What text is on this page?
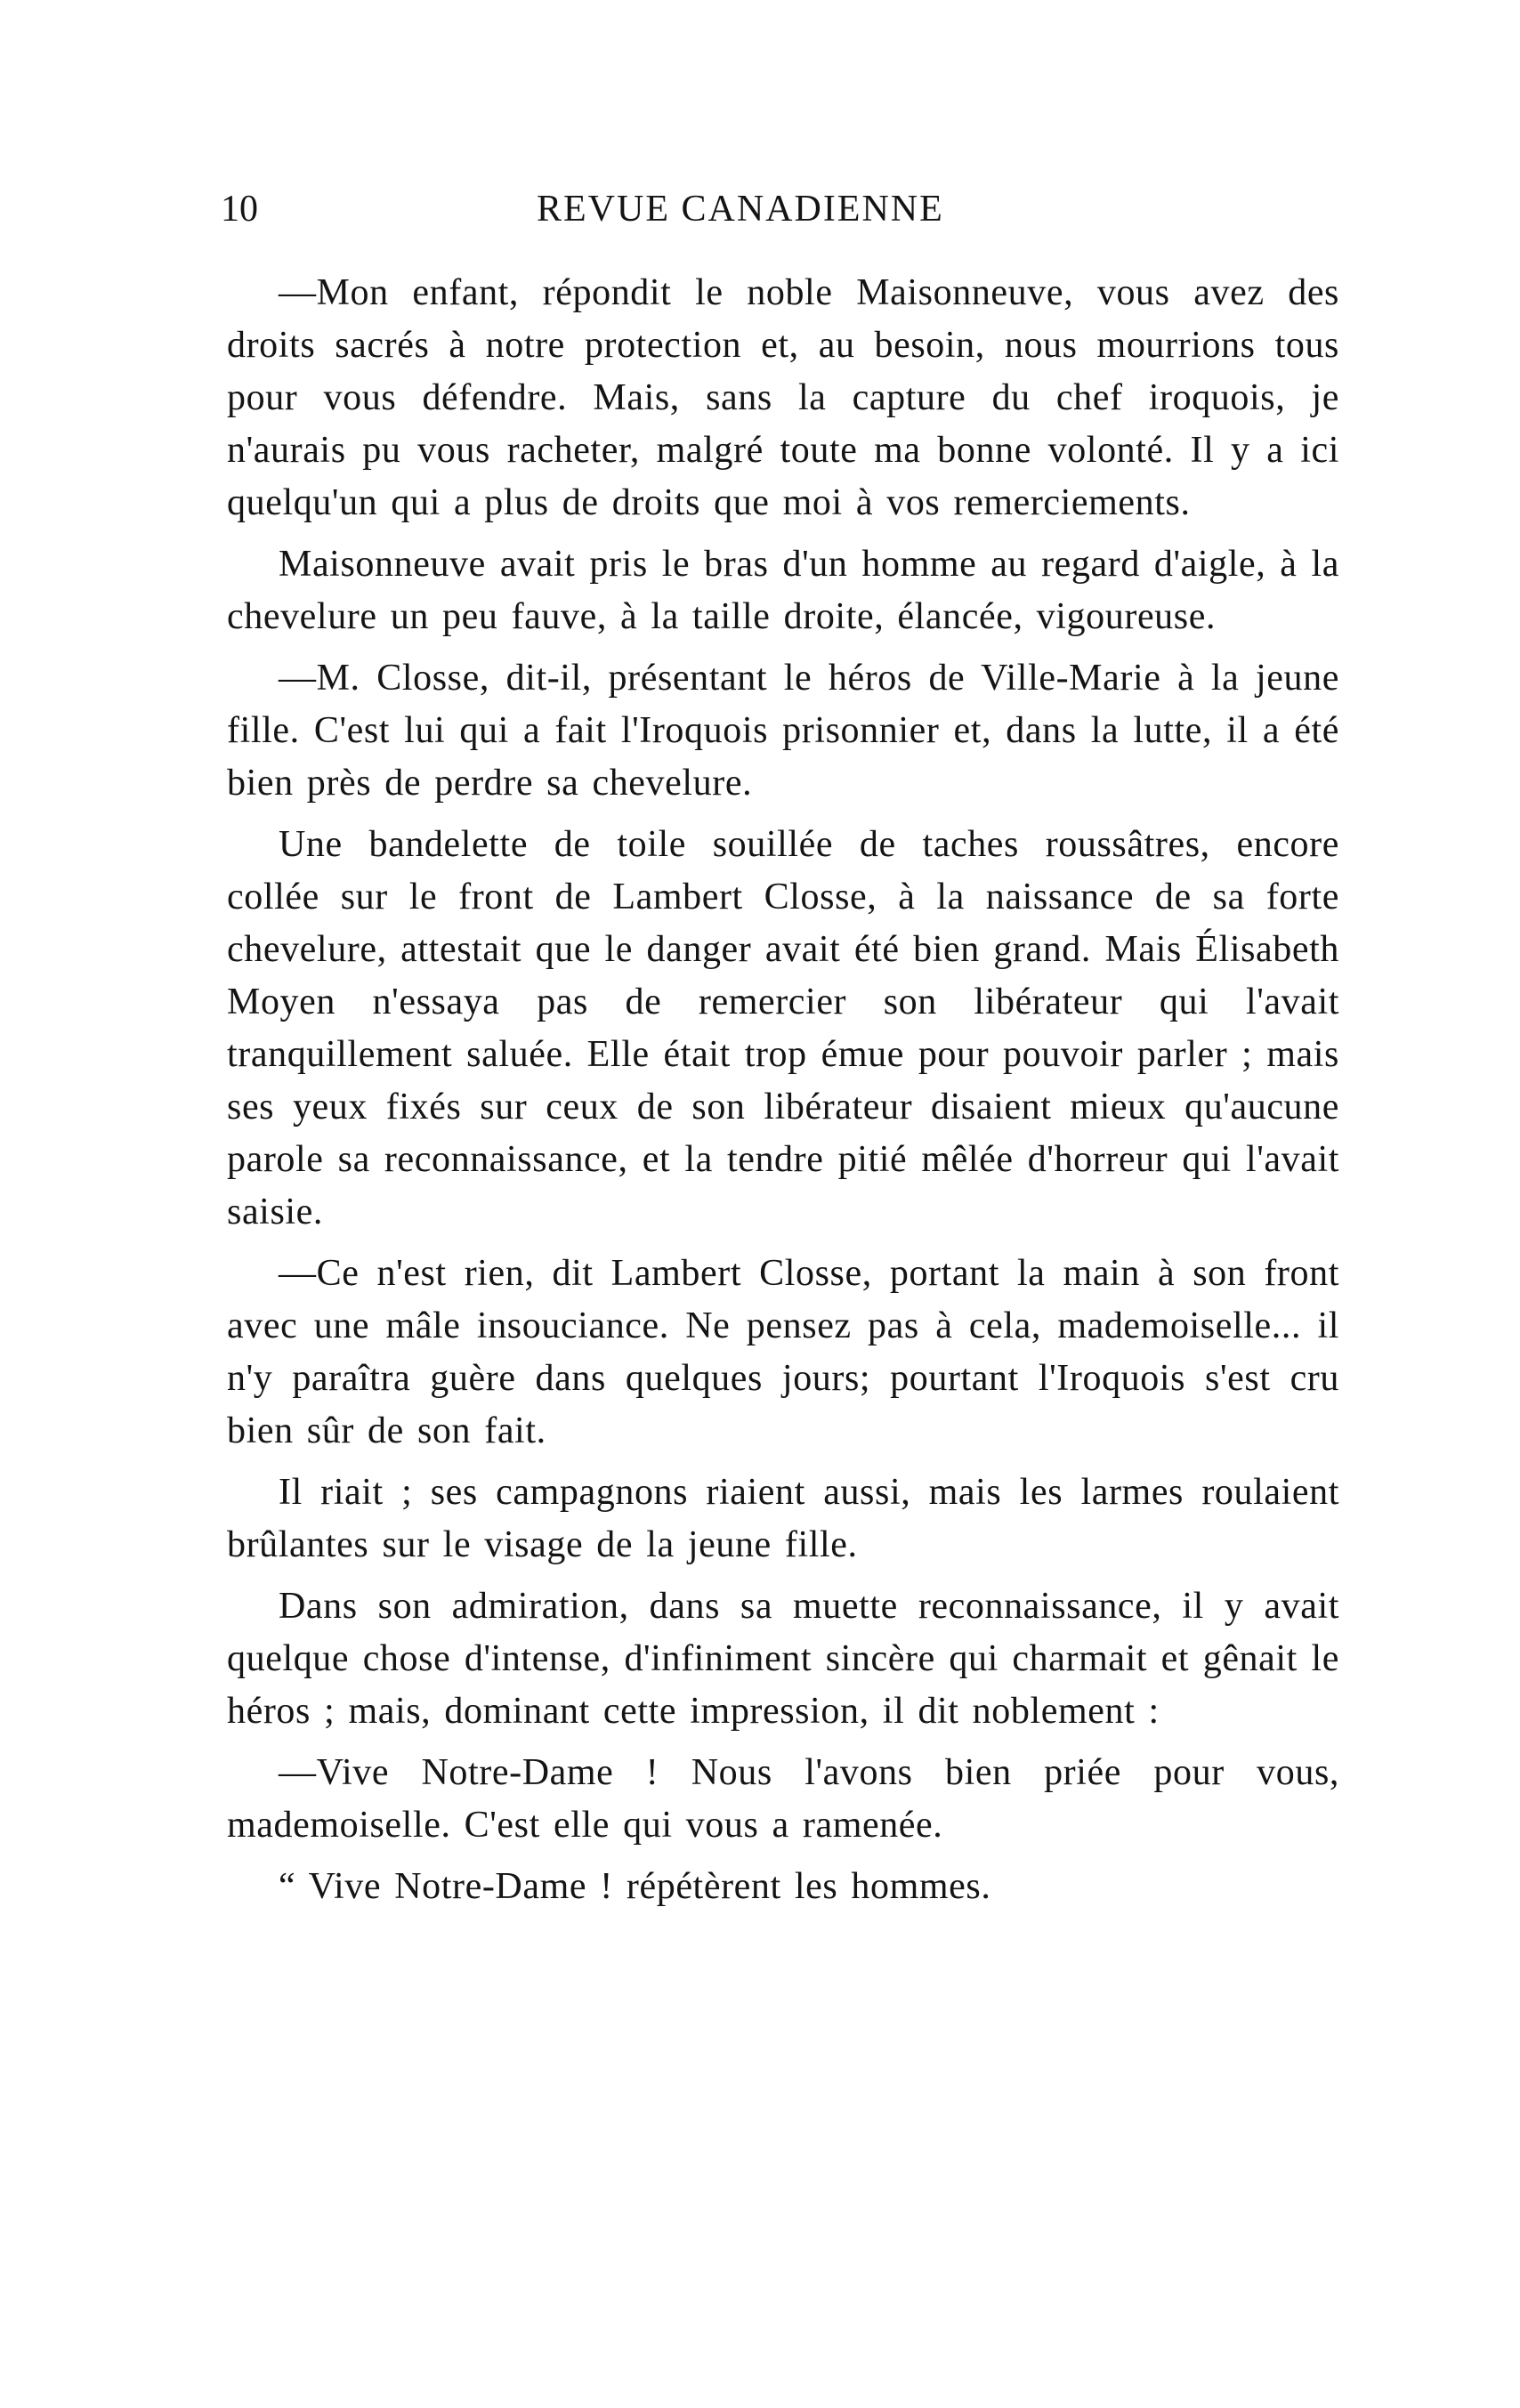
10	REVUE CANADIENNE

—Mon enfant, répondit le noble Maisonneuve, vous avez des droits sacrés à notre protection et, au besoin, nous mourrions tous pour vous défendre. Mais, sans la capture du chef iroquois, je n'aurais pu vous racheter, malgré toute ma bonne volonté. Il y a ici quelqu'un qui a plus de droits que moi à vos remerciements.

Maisonneuve avait pris le bras d'un homme au regard d'aigle, à la chevelure un peu fauve, à la taille droite, élancée, vigoureuse.

—M. Closse, dit-il, présentant le héros de Ville-Marie à la jeune fille. C'est lui qui a fait l'Iroquois prisonnier et, dans la lutte, il a été bien près de perdre sa chevelure.

Une bandelette de toile souillée de taches roussâtres, encore collée sur le front de Lambert Closse, à la naissance de sa forte chevelure, attestait que le danger avait été bien grand. Mais Élisabeth Moyen n'essaya pas de remercier son libérateur qui l'avait tranquillement saluée. Elle était trop émue pour pouvoir parler ; mais ses yeux fixés sur ceux de son libérateur disaient mieux qu'aucune parole sa reconnaissance, et la tendre pitié mêlée d'horreur qui l'avait saisie.

—Ce n'est rien, dit Lambert Closse, portant la main à son front avec une mâle insouciance. Ne pensez pas à cela, mademoiselle... il n'y paraîtra guère dans quelques jours; pourtant l'Iroquois s'est cru bien sûr de son fait.

Il riait ; ses campagnons riaient aussi, mais les larmes roulaient brûlantes sur le visage de la jeune fille.

Dans son admiration, dans sa muette reconnaissance, il y avait quelque chose d'intense, d'infiniment sincère qui charmait et gênait le héros ; mais, dominant cette impression, il dit noblement :

—Vive Notre-Dame ! Nous l'avons bien priée pour vous, mademoiselle. C'est elle qui vous a ramenée.

“ Vive Notre-Dame ! répétèrent les hommes.
